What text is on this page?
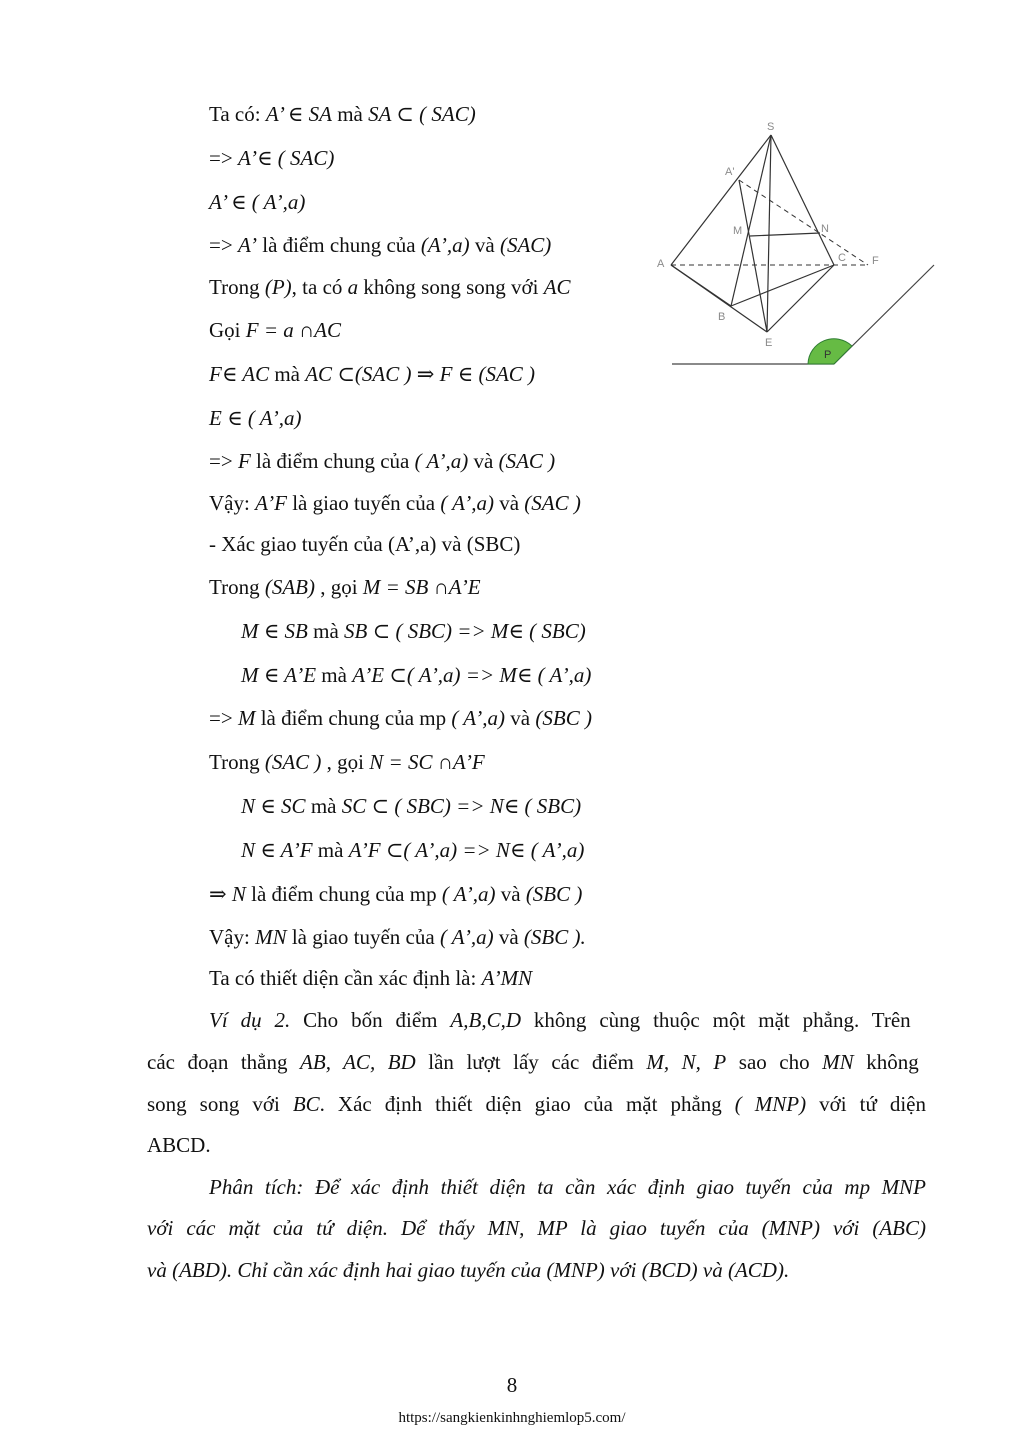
Ta có: A’ ∈ SA mà SA ⊂ ( SAC)
=> A’∈ ( SAC)
A’ ∈ ( A’,a)
=> A’ là điểm chung của (A’,a) và (SAC)
Trong (P), ta có a không song song với AC
Gọi F = a ∩AC
F∈ AC mà AC ⊂(SAC ) ⇒ F ∈ (SAC )
E ∈ ( A’,a)
=> F là điểm chung của ( A’,a) và (SAC )
Vậy: A’F là giao tuyến của ( A’,a) và (SAC )
- Xác giao tuyến của (A’,a) và (SBC)
Trong (SAB) , gọi M = SB ∩A’E
M ∈ SB mà SB ⊂ ( SBC) => M∈ ( SBC)
M ∈ A’E mà A’E ⊂( A’,a) => M∈ ( A’,a)
=> M là điểm chung của mp ( A’,a) và (SBC )
Trong (SAC ) , gọi N = SC ∩A’F
N ∈ SC mà SC ⊂ ( SBC) => N∈ ( SBC)
N ∈ A’F mà A’F ⊂( A’,a) => N∈ ( A’,a)
⇒ N là điểm chung của mp ( A’,a) và (SBC )
Vậy: MN là giao tuyến của ( A’,a) và (SBC ).
Ta có thiết diện cần xác định là: A’MN
Ví dụ 2. Cho bốn điểm A,B,C,D không cùng thuộc một mặt phẳng. Trên
các đoạn thẳng AB, AC, BD lần lượt lấy các điểm M, N, P sao cho MN không
song song với BC. Xác định thiết diện giao của mặt phẳng ( MNP) với tứ diện
ABCD.
Phân tích: Để xác định thiết diện ta cần xác định giao tuyến của mp MNP
với các mặt của tứ diện. Dể thấy MN, MP là giao tuyến của (MNP) với (ABC)
và (ABD). Chỉ cần xác định hai giao tuyến của (MNP) với (BCD) và (ACD).
S
A'
M	N
A	C F
B
E
P
8
https://sangkienkinhnghiemlop5.com/
